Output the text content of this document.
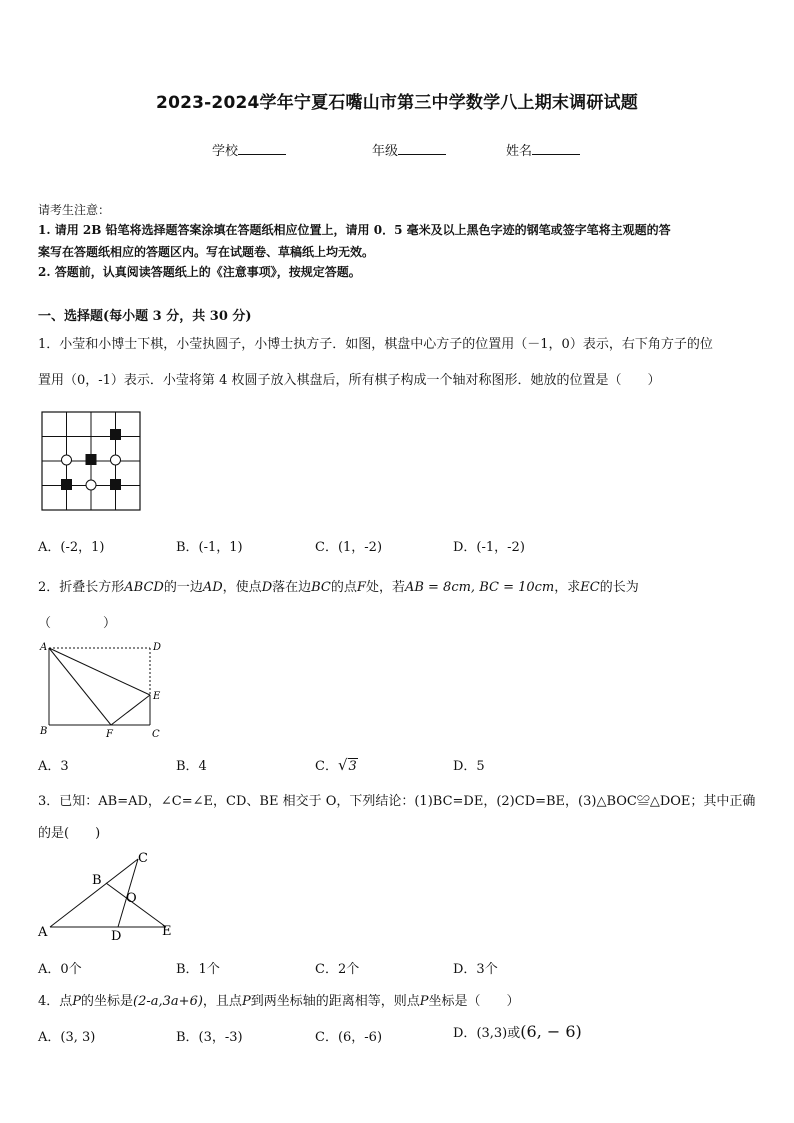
2023-2024学年宁夏石嘴山市第三中学数学八上期末调研试题
学校	年级	姓名
请考生注意：
1. 请用 2B 铅笔将选择题答案涂填在答题纸相应位置上，请用 0．5 毫米及以上黑色字迹的钢笔或签字笔将主观题的答
案写在答题纸相应的答题区内。写在试题卷、草稿纸上均无效。
2. 答题前，认真阅读答题纸上的《注意事项》，按规定答题。
一、选择题(每小题 3 分，共 30 分)
1．小莹和小博士下棋，小莹执圆子，小博士执方子．如图，棋盘中心方子的位置用（－1，0）表示，右下角方子的位
置用（0，-1）表示．小莹将第 4 枚圆子放入棋盘后，所有棋子构成一个轴对称图形．她放的位置是（　　）
A．(-2，1)	B．(-1，1)	C．(1，-2)	D．(-1，-2)
2．折叠长方形ABCD的一边AD，使点D落在边BC的点F处，若AB = 8cm, BC = 10cm，求EC的长为
（　　　　）
A	D
E
B	F	C
A．3	B．4	C．√3	D．5
3．已知：AB=AD，∠C=∠E，CD、BE 相交于 O，下列结论：(1)BC=DE，(2)CD=BE，(3)△BOC≌△DOE；其中正确
的是(　　)
C
B
O
A	D	E
A．0个	B．1个	C．2个	D．3个
4．点P的坐标是(2-a,3a+6)，且点P到两坐标轴的距离相等，则点P坐标是（　　）
A．(3, 3)	B．(3，-3)	C．(6，-6)	D．(3,3)或(6, − 6)
